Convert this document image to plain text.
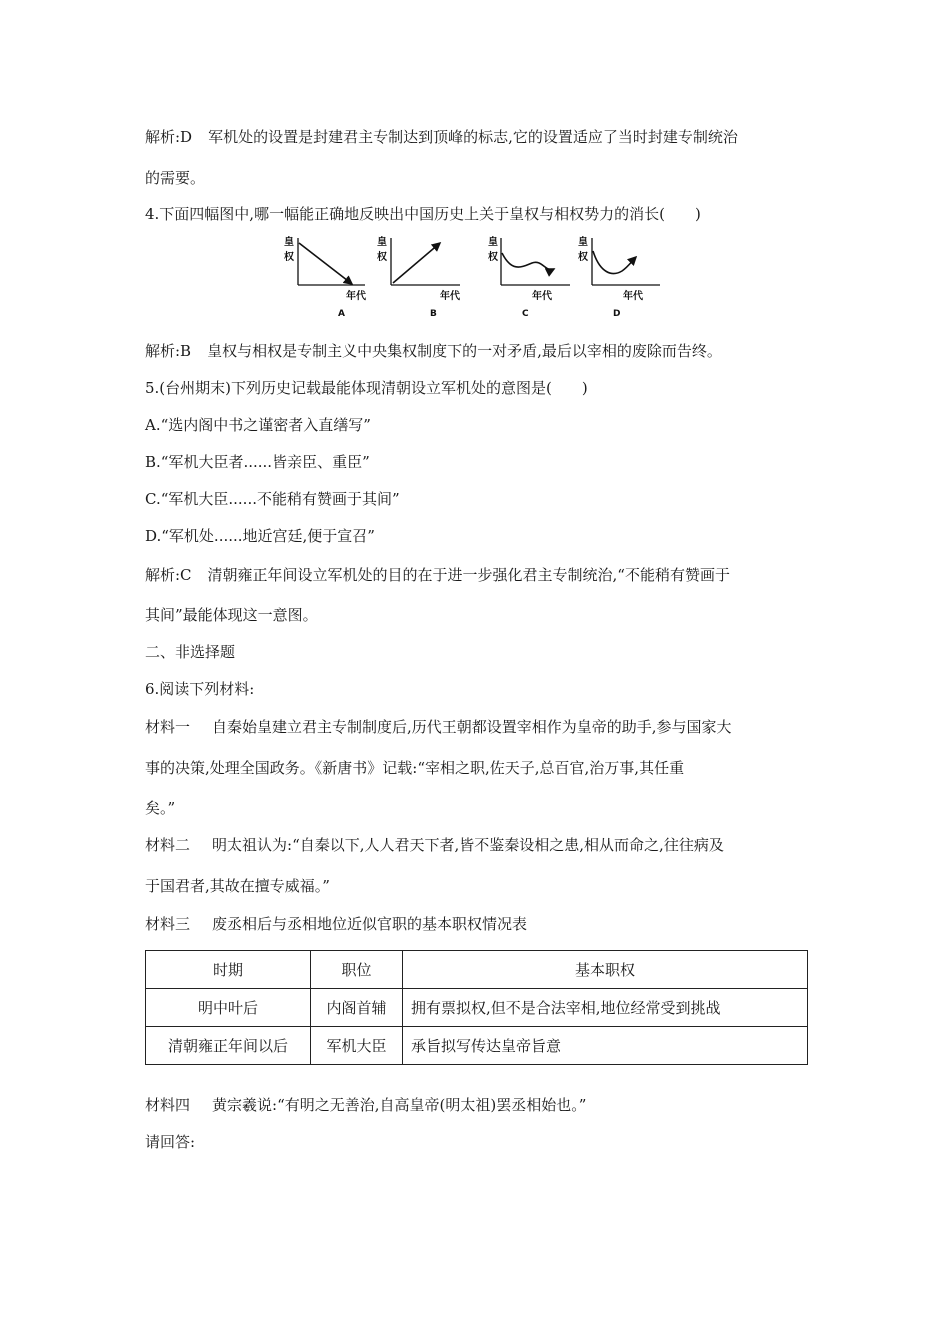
解析:D 军机处的设置是封建君主专制达到顶峰的标志,它的设置适应了当时封建专制统治
的需要。
4.下面四幅图中,哪一幅能正确地反映出中国历史上关于皇权与相权势力的消长( )
皇
权
年代
A
皇
权
年代
B
皇
权
年代
C
皇
权
年代
D
解析:B 皇权与相权是专制主义中央集权制度下的一对矛盾,最后以宰相的废除而告终。
5.(台州期末)下列历史记载最能体现清朝设立军机处的意图是( )
A.“选内阁中书之谨密者入直缮写”
B.“军机大臣者......皆亲臣、重臣”
C.“军机大臣......不能稍有赞画于其间”
D.“军机处......地近宫廷,便于宣召”
解析:C 清朝雍正年间设立军机处的目的在于进一步强化君主专制统治,“不能稍有赞画于
其间”最能体现这一意图。
二、非选择题
6.阅读下列材料:
材料一 自秦始皇建立君主专制制度后,历代王朝都设置宰相作为皇帝的助手,参与国家大
事的决策,处理全国政务。《新唐书》记载:“宰相之职,佐天子,总百官,治万事,其任重
矣。”
材料二 明太祖认为:“自秦以下,人人君天下者,皆不鉴秦设相之患,相从而命之,往往病及
于国君者,其故在擅专威福。”
材料三 废丞相后与丞相地位近似官职的基本职权情况表
时期	职位	基本职权
明中叶后	内阁首辅	拥有票拟权,但不是合法宰相,地位经常受到挑战
清朝雍正年间以后	军机大臣	承旨拟写传达皇帝旨意
材料四 黄宗羲说:“有明之无善治,自高皇帝(明太祖)罢丞相始也。”
请回答:
